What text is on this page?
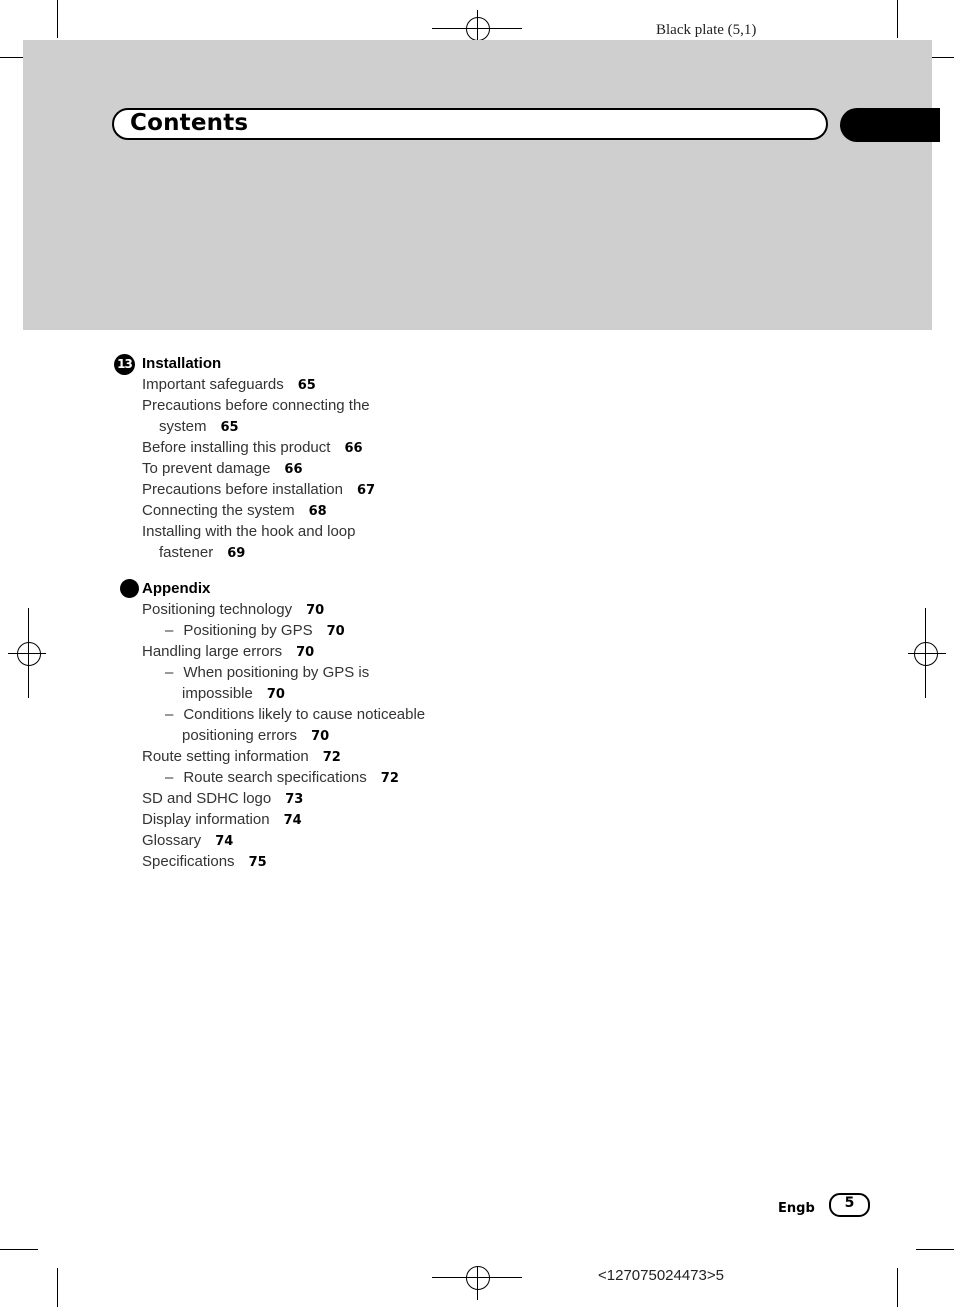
Black plate (5,1)
Contents
13 Installation
Important safeguards 65
Precautions before connecting the
system 65
Before installing this product 66
To prevent damage 66
Precautions before installation 67
Connecting the system 68
Installing with the hook and loop
fastener 69
Appendix
Positioning technology 70
– Positioning by GPS 70
Handling large errors 70
– When positioning by GPS is
impossible 70
– Conditions likely to cause noticeable
positioning errors 70
Route setting information 72
– Route search specifications 72
SD and SDHC logo 73
Display information 74
Glossary 74
Specifications 75
Engb	5
<127075024473>5
